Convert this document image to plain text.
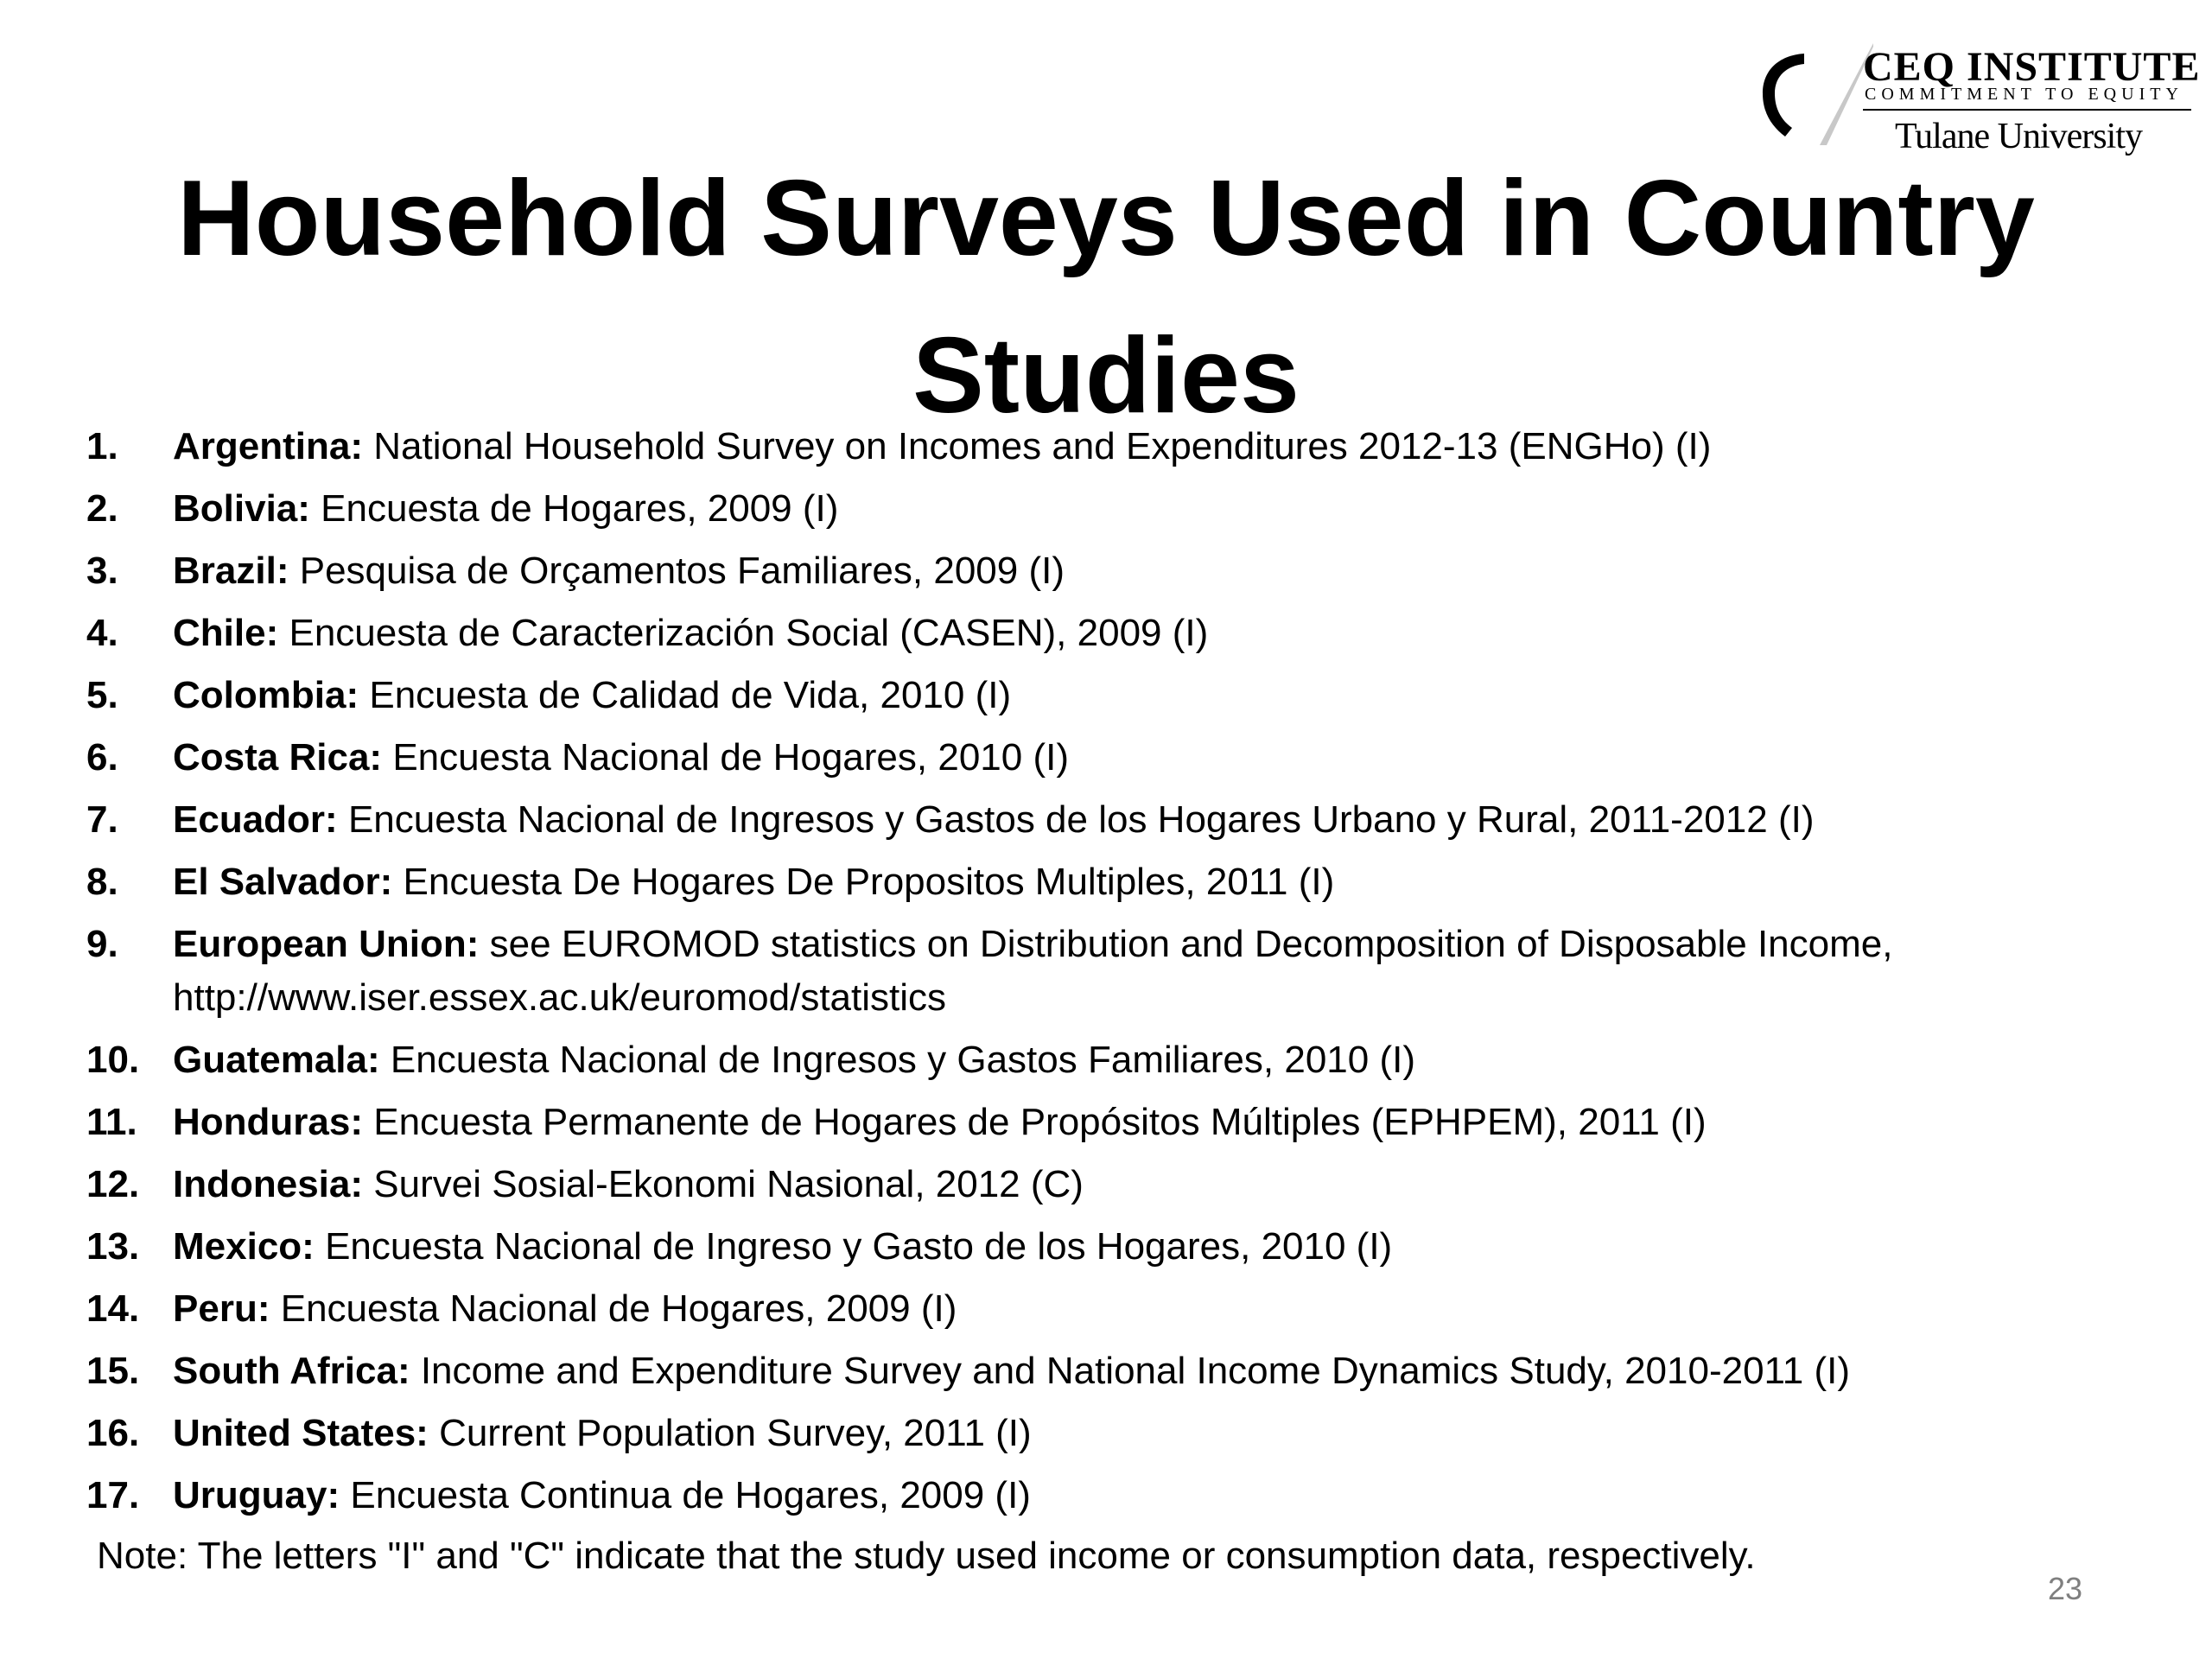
CEQ INSTITUTE
COMMITMENT TO EQUITY
Tulane University
Household Surveys Used in Country Studies
1. Argentina: National Household Survey on Incomes and Expenditures 2012-13 (ENGHo) (I)
2. Bolivia: Encuesta de Hogares, 2009 (I)
3. Brazil: Pesquisa de Orçamentos Familiares, 2009 (I)
4. Chile: Encuesta de Caracterización Social (CASEN), 2009 (I)
5. Colombia: Encuesta de Calidad de Vida, 2010 (I)
6. Costa Rica: Encuesta Nacional de Hogares, 2010 (I)
7. Ecuador: Encuesta Nacional de Ingresos y Gastos de los Hogares Urbano y Rural, 2011-2012 (I)
8. El Salvador: Encuesta De Hogares De Propositos Multiples, 2011 (I)
9. European Union: see EUROMOD statistics on Distribution and Decomposition of Disposable Income, http://www.iser.essex.ac.uk/euromod/statistics
10. Guatemala: Encuesta Nacional de Ingresos y Gastos Familiares, 2010 (I)
11. Honduras: Encuesta Permanente de Hogares de Propósitos Múltiples (EPHPEM), 2011 (I)
12. Indonesia: Survei Sosial-Ekonomi Nasional, 2012 (C)
13. Mexico: Encuesta Nacional de Ingreso y Gasto de los Hogares, 2010 (I)
14. Peru: Encuesta Nacional de Hogares, 2009 (I)
15. South Africa: Income and Expenditure Survey and National Income Dynamics Study, 2010-2011 (I)
16. United States: Current Population Survey, 2011 (I)
17. Uruguay: Encuesta Continua de Hogares, 2009 (I)
Note: The letters "I" and "C" indicate that the study used income or consumption data, respectively.
23
